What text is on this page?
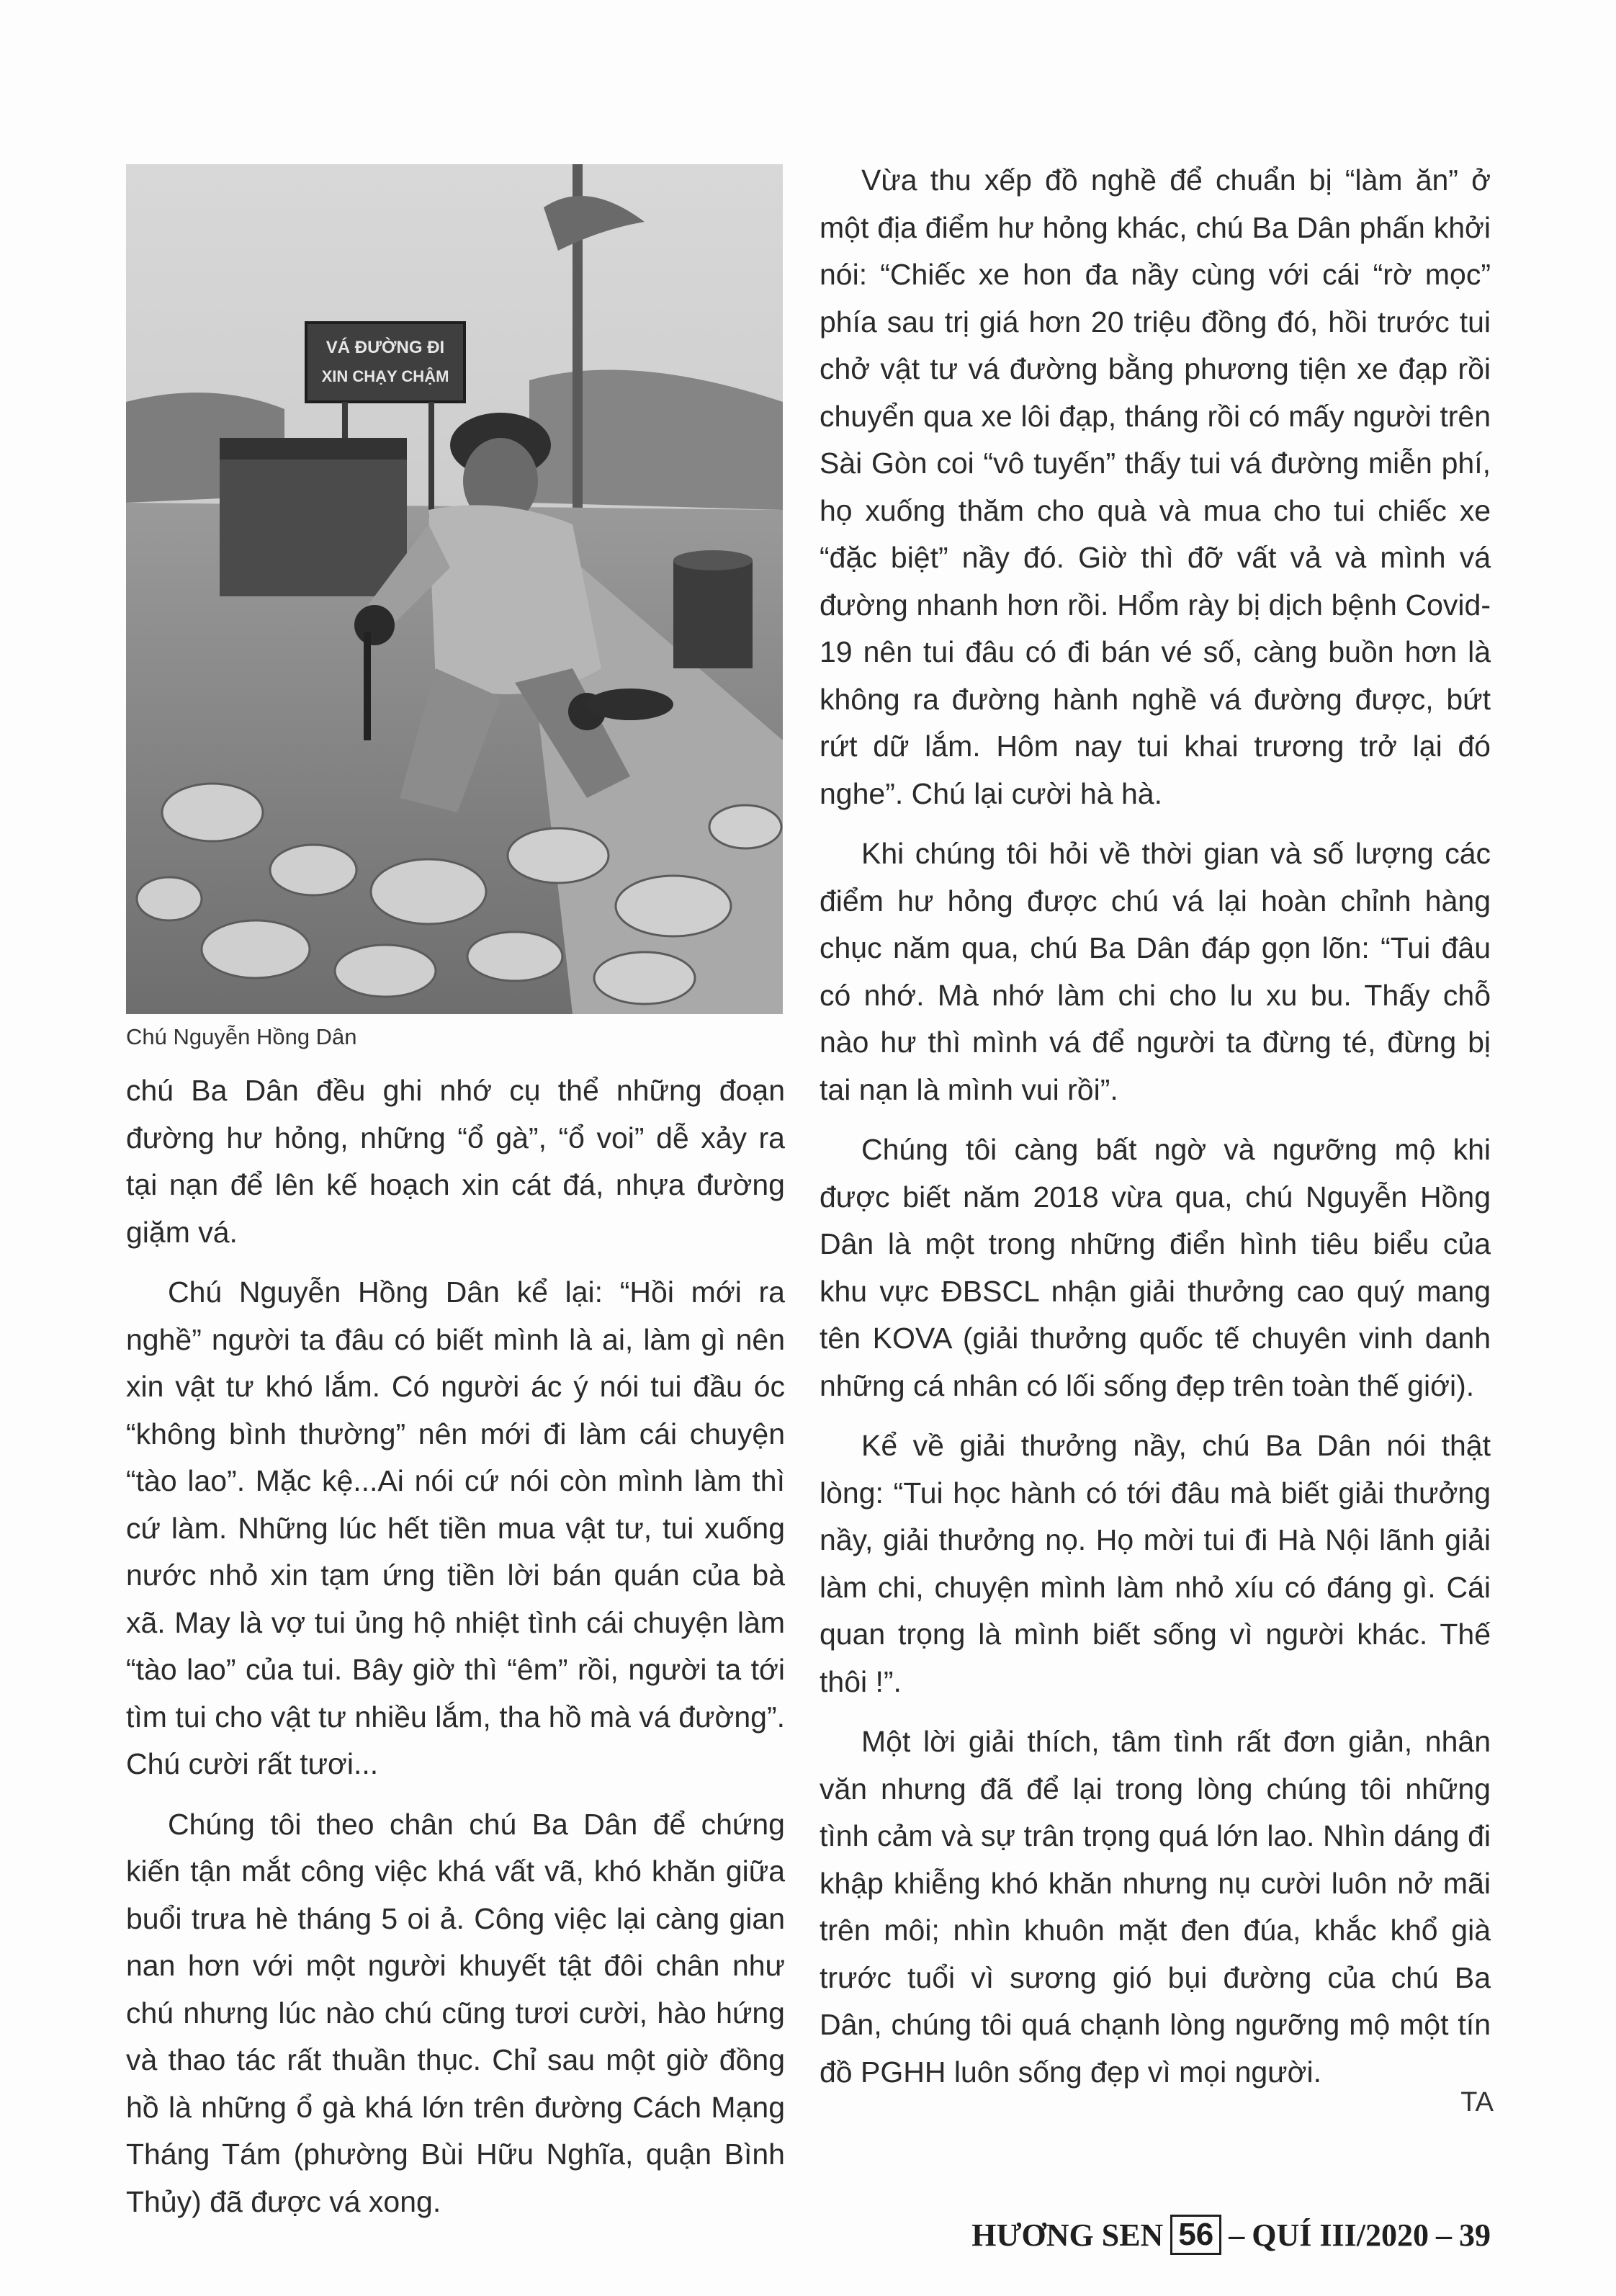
VÁ ĐƯỜNG ĐI
XIN CHẠY CHẬM
Chú Nguyễn Hồng Dân

chú Ba Dân đều ghi nhớ cụ thể những đoạn đường hư hỏng, những “ổ gà”, “ổ voi” dễ xảy ra tại nạn để lên kế hoạch xin cát đá, nhựa đường giặm vá.

Chú Nguyễn Hồng Dân kể lại: “Hồi mới ra nghề” người ta đâu có biết mình là ai, làm gì nên xin vật tư khó lắm. Có người ác ý nói tui đầu óc “không bình thường” nên mới đi làm cái chuyện “tào lao”. Mặc kệ...Ai nói cứ nói còn mình làm thì cứ làm. Những lúc hết tiền mua vật tư, tui xuống nước nhỏ xin tạm ứng tiền lời bán quán của bà xã. May là vợ tui ủng hộ nhiệt tình cái chuyện làm “tào lao” của tui. Bây giờ thì “êm” rồi, người ta tới tìm tui cho vật tư nhiều lắm, tha hồ mà vá đường”. Chú cười rất tươi...

Chúng tôi theo chân chú Ba Dân để chứng kiến tận mắt công việc khá vất vã, khó khăn giữa buổi trưa hè tháng 5 oi ả. Công việc lại càng gian nan hơn với một người khuyết tật đôi chân như chú nhưng lúc nào chú cũng tươi cười, hào hứng và thao tác rất thuần thục. Chỉ sau một giờ đồng hồ là những ổ gà khá lớn trên đường Cách Mạng Tháng Tám (phường Bùi Hữu Nghĩa, quận Bình Thủy) đã được vá xong.

Vừa thu xếp đồ nghề để chuẩn bị “làm ăn” ở một địa điểm hư hỏng khác, chú Ba Dân phấn khởi nói: “Chiếc xe hon đa nầy cùng với cái “rờ mọc” phía sau trị giá hơn 20 triệu đồng đó, hồi trước tui chở vật tư vá đường bằng phương tiện xe đạp rồi chuyển qua xe lôi đạp, tháng rồi có mấy người trên Sài Gòn coi “vô tuyến” thấy tui vá đường miễn phí, họ xuống thăm cho quà và mua cho tui chiếc xe “đặc biệt” nầy đó. Giờ thì đỡ vất vả và mình vá đường nhanh hơn rồi. Hổm rày bị dịch bệnh Covid-19 nên tui đâu có đi bán vé số, càng buồn hơn là không ra đường hành nghề vá đường được, bứt rứt dữ lắm. Hôm nay tui khai trương trở lại đó nghe”. Chú lại cười hà hà.

Khi chúng tôi hỏi về thời gian và số lượng các điểm hư hỏng được chú vá lại hoàn chỉnh hàng chục năm qua, chú Ba Dân đáp gọn lõn: “Tui đâu có nhớ. Mà nhớ làm chi cho lu xu bu. Thấy chỗ nào hư thì mình vá để người ta đừng té, đừng bị tai nạn là mình vui rồi”.

Chúng tôi càng bất ngờ và ngưỡng mộ khi được biết năm 2018 vừa qua, chú Nguyễn Hồng Dân là một trong những điển hình tiêu biểu của khu vực ĐBSCL nhận giải thưởng cao quý mang tên KOVA (giải thưởng quốc tế chuyên vinh danh những cá nhân có lối sống đẹp trên toàn thế giới).

Kể về giải thưởng nầy, chú Ba Dân nói thật lòng: “Tui học hành có tới đâu mà biết giải thưởng nầy, giải thưởng nọ. Họ mời tui đi Hà Nội lãnh giải làm chi, chuyện mình làm nhỏ xíu có đáng gì. Cái quan trọng là mình biết sống vì người khác. Thế thôi !”.

Một lời giải thích, tâm tình rất đơn giản, nhân văn nhưng đã để lại trong lòng chúng tôi những tình cảm và sự trân trọng quá lớn lao. Nhìn dáng đi khập khiễng khó khăn nhưng nụ cười luôn nở mãi trên môi; nhìn khuôn mặt đen đúa, khắc khổ già trước tuổi vì sương gió bụi đường của chú Ba Dân, chúng tôi quá chạnh lòng ngưỡng mộ một tín đồ PGHH luôn sống đẹp vì mọi người.

TA
HƯƠNG SEN 56 – QUÍ III/2020 – 39
